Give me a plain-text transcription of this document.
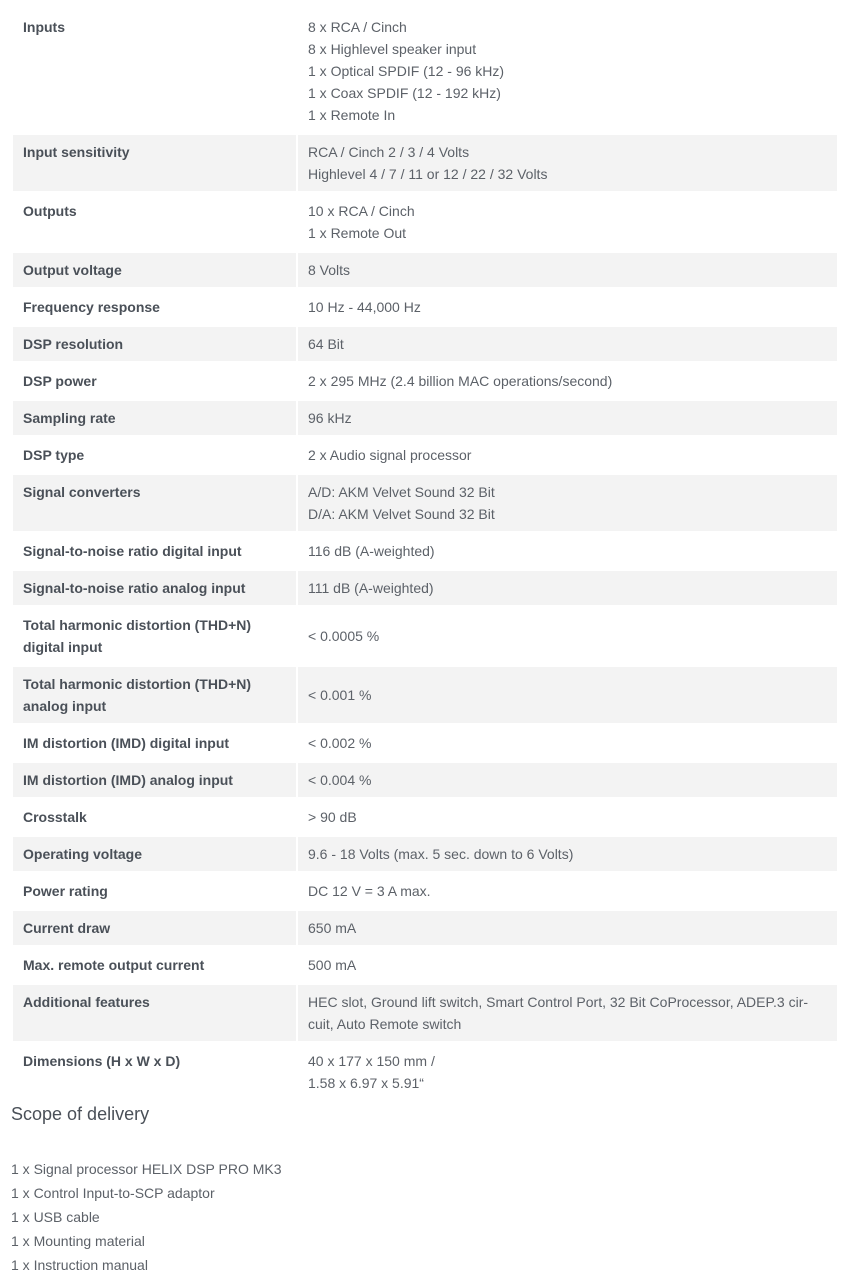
Inputs	8 x RCA / Cinch
8 x Highlevel speaker input
1 x Optical SPDIF (12 - 96 kHz)
1 x Coax SPDIF (12 - 192 kHz)
1 x Remote In

Input sensitivity	RCA / Cinch 2 / 3 / 4 Volts
Highlevel 4 / 7 / 11 or 12 / 22 / 32 Volts

Outputs	10 x RCA / Cinch
1 x Remote Out

Output voltage	8 Volts

Frequency response	10 Hz - 44,000 Hz

DSP resolution	64 Bit

DSP power	2 x 295 MHz (2.4 billion MAC operations/second)

Sampling rate	96 kHz

DSP type	2 x Audio signal processor

Signal converters	A/D: AKM Velvet Sound 32 Bit
D/A: AKM Velvet Sound 32 Bit

Signal-to-noise ratio digital input	116 dB (A-weighted)

Signal-to-noise ratio analog input	111 dB (A-weighted)

Total harmonic distortion (THD+N) digital input	< 0.0005 %

Total harmonic distortion (THD+N) analog input	< 0.001 %

IM distortion (IMD) digital input	< 0.002 %

IM distortion (IMD) analog input	< 0.004 %

Crosstalk	> 90 dB

Operating voltage	9.6 - 18 Volts (max. 5 sec. down to 6 Volts)

Power rating	DC 12 V = 3 A max.

Current draw	650 mA

Max. remote output current	500 mA

Additional features	HEC slot, Ground lift switch, Smart Control Port, 32 Bit CoProcessor, ADEP.3 cir-
cuit, Auto Remote switch

Dimensions (H x W x D)	40 x 177 x 150 mm /
1.58 x 6.97 x 5.91“
Scope of delivery
1 x Signal processor HELIX DSP PRO MK3
1 x Control Input-to-SCP adaptor
1 x USB cable
1 x Mounting material
1 x Instruction manual
